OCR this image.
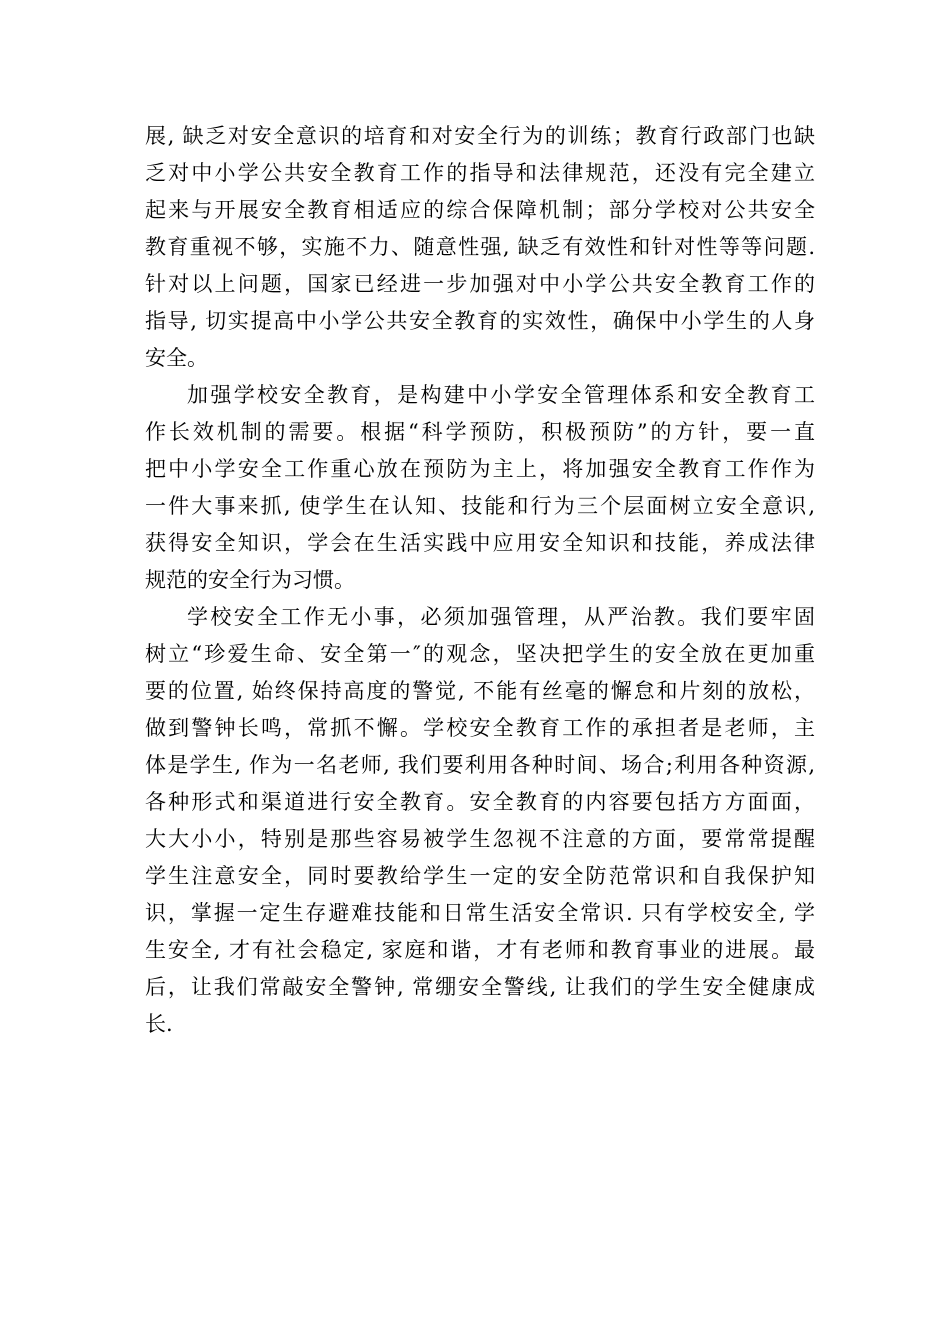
展, 缺乏对安全意识的培育和对安全行为的训练；教育行政部门也缺
乏对中小学公共安全教育工作的指导和法律规范，还没有完全建立
起来与开展安全教育相适应的综合保障机制；部分学校对公共安全
教育重视不够，实施不力、随意性强, 缺乏有效性和针对性等等问题.
针对以上问题，国家已经进一步加强对中小学公共安全教育工作的
指导, 切实提高中小学公共安全教育的实效性，确保中小学生的人身
安全。
加强学校安全教育，是构建中小学安全管理体系和安全教育工
作长效机制的需要。根据“科学预防，积极预防”的方针，要一直
把中小学安全工作重心放在预防为主上，将加强安全教育工作作为
一件大事来抓, 使学生在认知、技能和行为三个层面树立安全意识,
获得安全知识，学会在生活实践中应用安全知识和技能，养成法律
规范的安全行为习惯。
学校安全工作无小事，必须加强管理，从严治教。我们要牢固
树立“珍爱生命、安全第一″的观念，坚决把学生的安全放在更加重
要的位置, 始终保持高度的警觉, 不能有丝毫的懈怠和片刻的放松，
做到警钟长鸣，常抓不懈。学校安全教育工作的承担者是老师，主
体是学生, 作为一名老师, 我们要利用各种时间、场合;利用各种资源,
各种形式和渠道进行安全教育。安全教育的内容要包括方方面面，
大大小小，特别是那些容易被学生忽视不注意的方面，要常常提醒
学生注意安全，同时要教给学生一定的安全防范常识和自我保护知
识，掌握一定生存避难技能和日常生活安全常识. 只有学校安全, 学
生安全, 才有社会稳定, 家庭和谐，才有老师和教育事业的进展。最
后，让我们常敲安全警钟, 常绷安全警线, 让我们的学生安全健康成
长.
